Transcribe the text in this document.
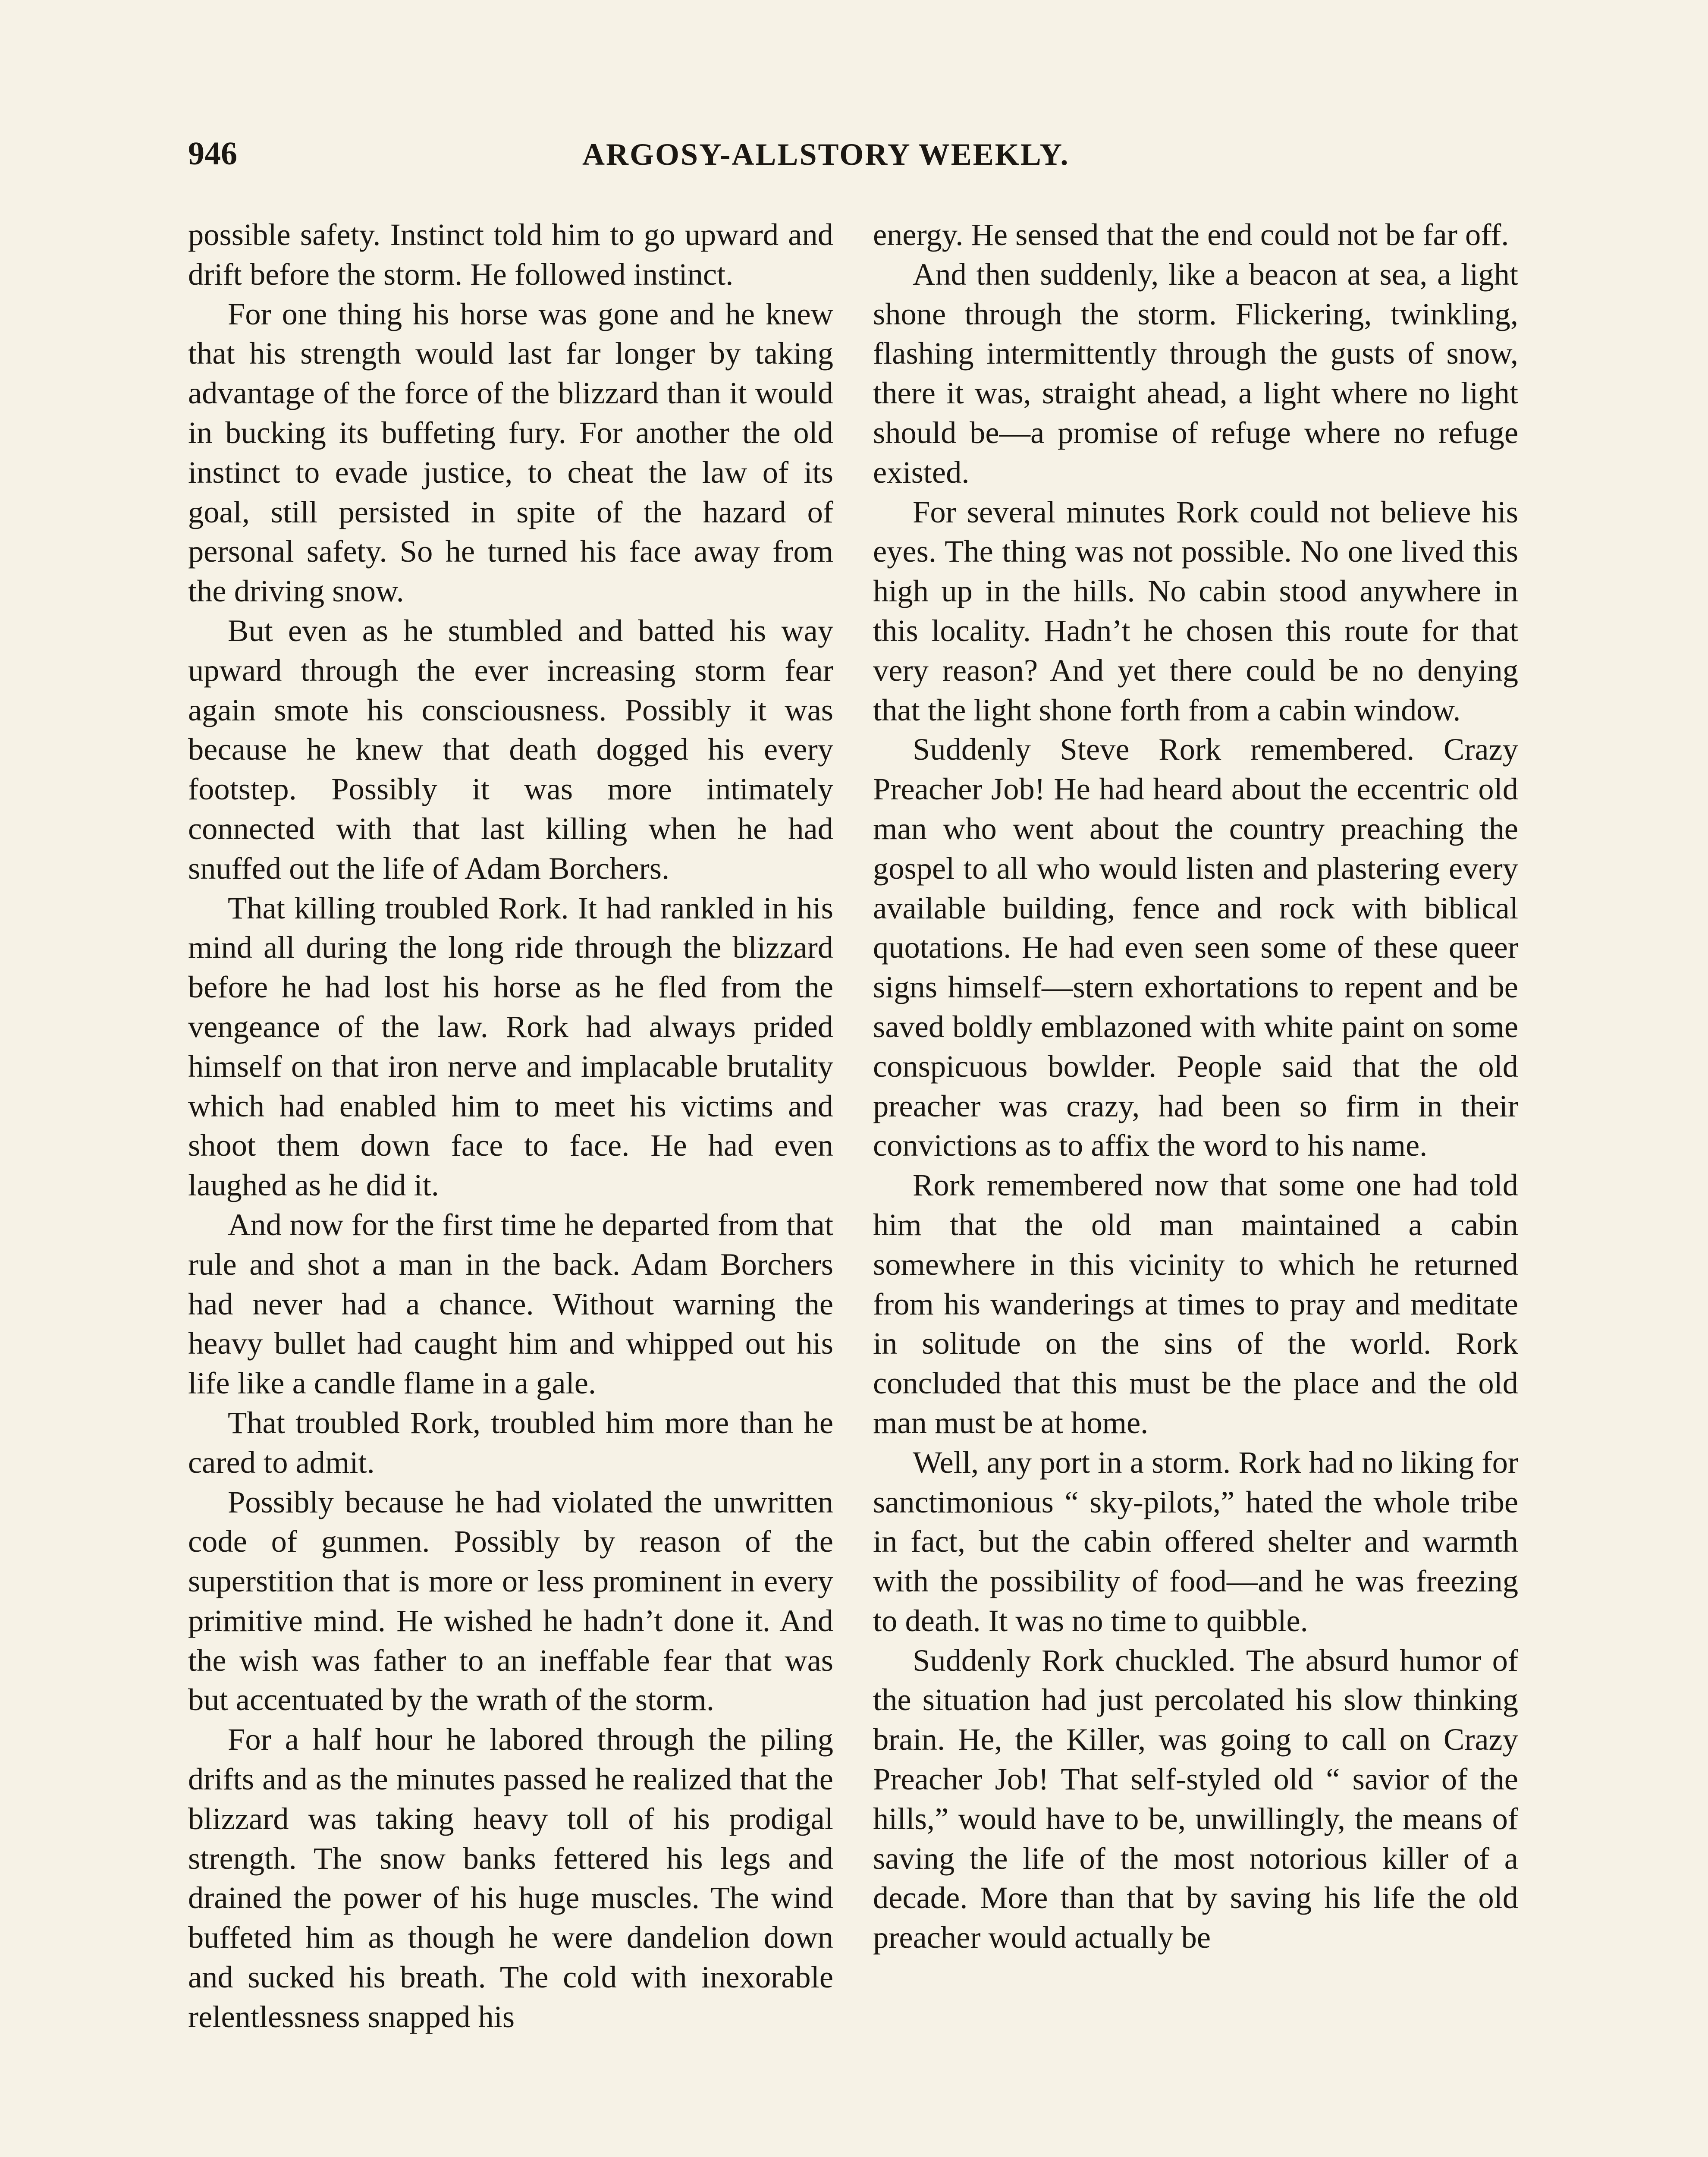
946	ARGOSY-ALLSTORY WEEKLY.

possible safety. Instinct told him to go upward and drift before the storm. He followed instinct.

For one thing his horse was gone and he knew that his strength would last far longer by taking advantage of the force of the blizzard than it would in bucking its buffeting fury. For another the old instinct to evade justice, to cheat the law of its goal, still persisted in spite of the hazard of personal safety. So he turned his face away from the driving snow.

But even as he stumbled and batted his way upward through the ever increasing storm fear again smote his consciousness. Possibly it was because he knew that death dogged his every footstep. Possibly it was more intimately connected with that last killing when he had snuffed out the life of Adam Borchers.

That killing troubled Rork. It had rankled in his mind all during the long ride through the blizzard before he had lost his horse as he fled from the vengeance of the law. Rork had always prided himself on that iron nerve and implacable brutality which had enabled him to meet his victims and shoot them down face to face. He had even laughed as he did it.

And now for the first time he departed from that rule and shot a man in the back. Adam Borchers had never had a chance. Without warning the heavy bullet had caught him and whipped out his life like a candle flame in a gale.

That troubled Rork, troubled him more than he cared to admit.

Possibly because he had violated the unwritten code of gunmen. Possibly by reason of the superstition that is more or less prominent in every primitive mind. He wished he hadn’t done it. And the wish was father to an ineffable fear that was but accentuated by the wrath of the storm.

For a half hour he labored through the piling drifts and as the minutes passed he realized that the blizzard was taking heavy toll of his prodigal strength. The snow banks fettered his legs and drained the power of his huge muscles. The wind buffeted him as though he were dandelion down and sucked his breath. The cold with inexorable relentlessness snapped his

energy. He sensed that the end could not be far off.

And then suddenly, like a beacon at sea, a light shone through the storm. Flickering, twinkling, flashing intermittently through the gusts of snow, there it was, straight ahead, a light where no light should be—a promise of refuge where no refuge existed.

For several minutes Rork could not believe his eyes. The thing was not possible. No one lived this high up in the hills. No cabin stood anywhere in this locality. Hadn’t he chosen this route for that very reason? And yet there could be no denying that the light shone forth from a cabin window.

Suddenly Steve Rork remembered. Crazy Preacher Job! He had heard about the eccentric old man who went about the country preaching the gospel to all who would listen and plastering every available building, fence and rock with biblical quotations. He had even seen some of these queer signs himself—stern exhortations to repent and be saved boldly emblazoned with white paint on some conspicuous bowlder. People said that the old preacher was crazy, had been so firm in their convictions as to affix the word to his name.

Rork remembered now that some one had told him that the old man maintained a cabin somewhere in this vicinity to which he returned from his wanderings at times to pray and meditate in solitude on the sins of the world. Rork concluded that this must be the place and the old man must be at home.

Well, any port in a storm. Rork had no liking for sanctimonious “ sky-pilots,” hated the whole tribe in fact, but the cabin offered shelter and warmth with the possibility of food—and he was freezing to death. It was no time to quibble.

Suddenly Rork chuckled. The absurd humor of the situation had just percolated his slow thinking brain. He, the Killer, was going to call on Crazy Preacher Job! That self-styled old “ savior of the hills,” would have to be, unwillingly, the means of saving the life of the most notorious killer of a decade. More than that by saving his life the old preacher would actually be
